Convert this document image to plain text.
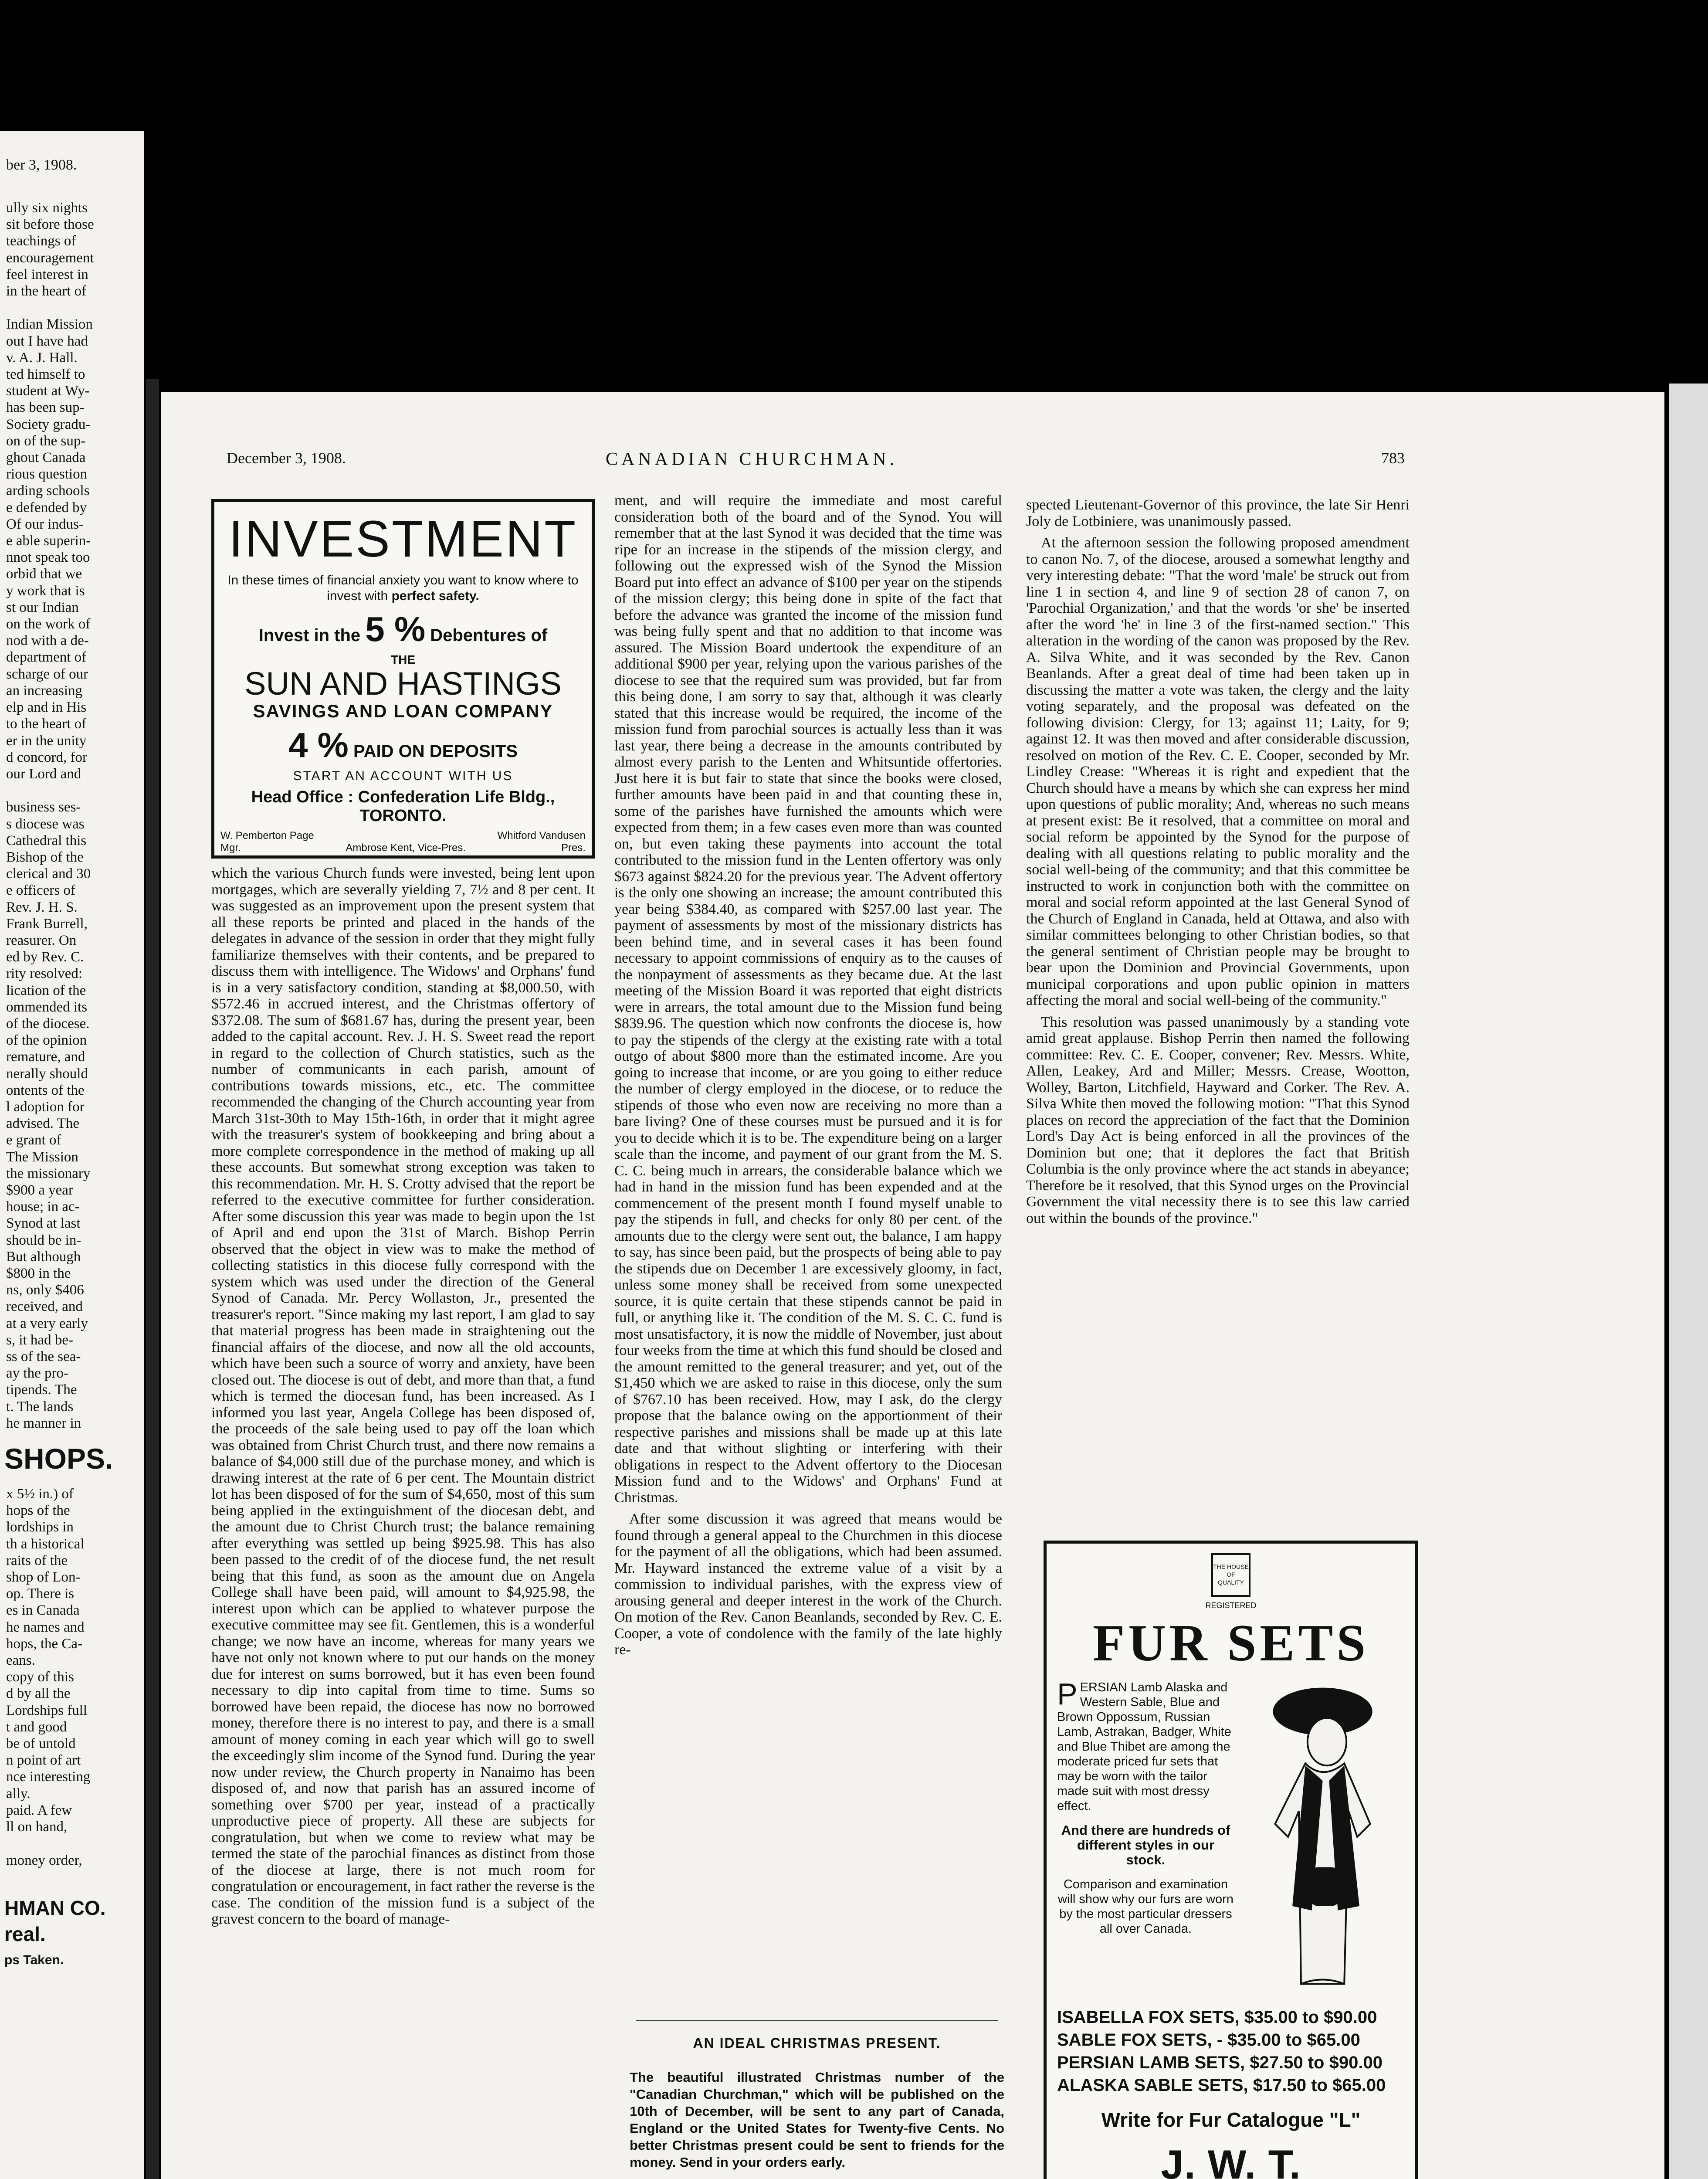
ber 3, 1908.
ully six nights
sit before those
teachings of
encouragement
feel interest in
in the heart of

Indian Mission
out I have had
v. A. J. Hall.
ted himself to
student at Wy-
has been sup-
Society gradu-
on of the sup-
ghout Canada
rious question
arding schools
e defended by
Of our indus-
e able superin-
nnot speak too
orbid that we
y work that is
st our Indian
on the work of
nod with a de-
department of
scharge of our
an increasing
elp and in His
to the heart of
er in the unity
d concord, for
our Lord and

business ses-
s diocese was
Cathedral this
Bishop of the
clerical and 30
e officers of
Rev. J. H. S.
Frank Burrell,
reasurer. On
ed by Rev. C.
rity resolved:
lication of the
ommended its
of the diocese.
of the opinion
remature, and
nerally should
ontents of the
l adoption for
advised. The
e grant of
The Mission
the missionary
$900 a year
house; in ac-
Synod at last
should be in-
But although
$800 in the
ns, only $406
received, and
at a very early
s, it had be-
ss of the sea-
ay the pro-
tipends. The
t. The lands
he manner in
SHOPS.
x 5½ in.) of
hops of the
lordships in
th a historical
raits of the
shop of Lon-
op. There is
es in Canada
he names and
hops, the Ca-
eans.
copy of this
d by all the
Lordships full
t and good
be of untold
n point of art
nce interesting
ally.
paid. A few
ll on hand,

money order,
HMAN CO.
real.
ps Taken.
December 3, 1908.	CANADIAN CHURCHMAN.	783
INVESTMENT
In these times of financial anxiety you want to know where to invest with perfect safety.
Invest in the 5 % Debentures of
THE
SUN AND HASTINGS
SAVINGS AND LOAN COMPANY
4 % PAID ON DEPOSITS
START AN ACCOUNT WITH US
Head Office : Confederation Life Bldg., TORONTO.
W. Pemberton Page
Mgr.	Ambrose Kent, Vice-Pres.
Whitford Vandusen
Pres.

which the various Church funds were invested, being lent upon mortgages, which are severally yielding 7, 7½ and 8 per cent. It was suggested as an improvement upon the present system that all these reports be printed and placed in the hands of the delegates in advance of the session in order that they might fully familiarize themselves with their contents, and be prepared to discuss them with intelligence. The Widows' and Orphans' fund is in a very satisfactory condition, standing at $8,000.50, with $572.46 in accrued interest, and the Christmas offertory of $372.08. The sum of $681.67 has, during the present year, been added to the capital account. Rev. J. H. S. Sweet read the report in regard to the collection of Church statistics, such as the number of communicants in each parish, amount of contributions towards missions, etc., etc. The committee recommended the changing of the Church accounting year from March 31st-30th to May 15th-16th, in order that it might agree with the treasurer's system of bookkeeping and bring about a more complete correspondence in the method of making up all these accounts. But somewhat strong exception was taken to this recommendation. Mr. H. S. Crotty advised that the report be referred to the executive committee for further consideration. After some discussion this year was made to begin upon the 1st of April and end upon the 31st of March. Bishop Perrin observed that the object in view was to make the method of collecting statistics in this diocese fully correspond with the system which was used under the direction of the General Synod of Canada. Mr. Percy Wollaston, Jr., presented the treasurer's report. "Since making my last report, I am glad to say that material progress has been made in straightening out the financial affairs of the diocese, and now all the old accounts, which have been such a source of worry and anxiety, have been closed out. The diocese is out of debt, and more than that, a fund which is termed the diocesan fund, has been increased. As I informed you last year, Angela College has been disposed of, the proceeds of the sale being used to pay off the loan which was obtained from Christ Church trust, and there now remains a balance of $4,000 still due of the purchase money, and which is drawing interest at the rate of 6 per cent. The Mountain district lot has been disposed of for the sum of $4,650, most of this sum being applied in the extinguishment of the diocesan debt, and the amount due to Christ Church trust; the balance remaining after everything was settled up being $925.98. This has also been passed to the credit of of the diocese fund, the net result being that this fund, as soon as the amount due on Angela College shall have been paid, will amount to $4,925.98, the interest upon which can be applied to whatever purpose the executive committee may see fit. Gentlemen, this is a wonderful change; we now have an income, whereas for many years we have not only not known where to put our hands on the money due for interest on sums borrowed, but it has even been found necessary to dip into capital from time to time. Sums so borrowed have been repaid, the diocese has now no borrowed money, therefore there is no interest to pay, and there is a small amount of money coming in each year which will go to swell the exceedingly slim income of the Synod fund. During the year now under review, the Church property in Nanaimo has been disposed of, and now that parish has an assured income of something over $700 per year, instead of a practically unproductive piece of property. All these are subjects for congratulation, but when we come to review what may be termed the state of the parochial finances as distinct from those of the diocese at large, there is not much room for congratulation or encouragement, in fact rather the reverse is the case. The condition of the mission fund is a subject of the gravest concern to the board of manage-

ment, and will require the immediate and most careful consideration both of the board and of the Synod. You will remember that at the last Synod it was decided that the time was ripe for an increase in the stipends of the mission clergy, and following out the expressed wish of the Synod the Mission Board put into effect an advance of $100 per year on the stipends of the mission clergy; this being done in spite of the fact that before the advance was granted the income of the mission fund was being fully spent and that no addition to that income was assured. The Mission Board undertook the expenditure of an additional $900 per year, relying upon the various parishes of the diocese to see that the required sum was provided, but far from this being done, I am sorry to say that, although it was clearly stated that this increase would be required, the income of the mission fund from parochial sources is actually less than it was last year, there being a decrease in the amounts contributed by almost every parish to the Lenten and Whitsuntide offertories. Just here it is but fair to state that since the books were closed, further amounts have been paid in and that counting these in, some of the parishes have furnished the amounts which were expected from them; in a few cases even more than was counted on, but even taking these payments into account the total contributed to the mission fund in the Lenten offertory was only $673 against $824.20 for the previous year. The Advent offertory is the only one showing an increase; the amount contributed this year being $384.40, as compared with $257.00 last year. The payment of assessments by most of the missionary districts has been behind time, and in several cases it has been found necessary to appoint commissions of enquiry as to the causes of the nonpayment of assessments as they became due. At the last meeting of the Mission Board it was reported that eight districts were in arrears, the total amount due to the Mission fund being $839.96. The question which now confronts the diocese is, how to pay the stipends of the clergy at the existing rate with a total outgo of about $800 more than the estimated income. Are you going to increase that income, or are you going to either reduce the number of clergy employed in the diocese, or to reduce the stipends of those who even now are receiving no more than a bare living? One of these courses must be pursued and it is for you to decide which it is to be. The expenditure being on a larger scale than the income, and payment of our grant from the M. S. C. C. being much in arrears, the considerable balance which we had in hand in the mission fund has been expended and at the commencement of the present month I found myself unable to pay the stipends in full, and checks for only 80 per cent. of the amounts due to the clergy were sent out, the balance, I am happy to say, has since been paid, but the prospects of being able to pay the stipends due on December 1 are excessively gloomy, in fact, unless some money shall be received from some unexpected source, it is quite certain that these stipends cannot be paid in full, or anything like it. The condition of the M. S. C. C. fund is most unsatisfactory, it is now the middle of November, just about four weeks from the time at which this fund should be closed and the amount remitted to the general treasurer; and yet, out of the $1,450 which we are asked to raise in this diocese, only the sum of $767.10 has been received. How, may I ask, do the clergy propose that the balance owing on the apportionment of their respective parishes and missions shall be made up at this late date and that without slighting or interfering with their obligations in respect to the Advent offertory to the Diocesan Mission fund and to the Widows' and Orphans' Fund at Christmas.

After some discussion it was agreed that means would be found through a general appeal to the Churchmen in this diocese for the payment of all the obligations, which had been assumed. Mr. Hayward instanced the extreme value of a visit by a commission to individual parishes, with the express view of arousing general and deeper interest in the work of the Church. On motion of the Rev. Canon Beanlands, seconded by Rev. C. E. Cooper, a vote of condolence with the family of the late highly re-

AN IDEAL CHRISTMAS PRESENT.
The beautiful illustrated Christmas number of the "Canadian Churchman," which will be published on the 10th of December, will be sent to any part of Canada, England or the United States for Twenty-five Cents. No better Christmas present could be sent to friends for the money. Send in your orders early.

spected Lieutenant-Governor of this province, the late Sir Henri Joly de Lotbiniere, was unanimously passed.

At the afternoon session the following proposed amendment to canon No. 7, of the diocese, aroused a somewhat lengthy and very interesting debate: "That the word 'male' be struck out from line 1 in section 4, and line 9 of section 28 of canon 7, on 'Parochial Organization,' and that the words 'or she' be inserted after the word 'he' in line 3 of the first-named section." This alteration in the wording of the canon was proposed by the Rev. A. Silva White, and it was seconded by the Rev. Canon Beanlands. After a great deal of time had been taken up in discussing the matter a vote was taken, the clergy and the laity voting separately, and the proposal was defeated on the following division: Clergy, for 13; against 11; Laity, for 9; against 12. It was then moved and after considerable discussion, resolved on motion of the Rev. C. E. Cooper, seconded by Mr. Lindley Crease: "Whereas it is right and expedient that the Church should have a means by which she can express her mind upon questions of public morality; And, whereas no such means at present exist: Be it resolved, that a committee on moral and social reform be appointed by the Synod for the purpose of dealing with all questions relating to public morality and the social well-being of the community; and that this committee be instructed to work in conjunction both with the committee on moral and social reform appointed at the last General Synod of the Church of England in Canada, held at Ottawa, and also with similar committees belonging to other Christian bodies, so that the general sentiment of Christian people may be brought to bear upon the Dominion and Provincial Governments, upon municipal corporations and upon public opinion in matters affecting the moral and social well-being of the community."

This resolution was passed unanimously by a standing vote amid great applause. Bishop Perrin then named the following committee: Rev. C. E. Cooper, convener; Rev. Messrs. White, Allen, Leakey, Ard and Miller; Messrs. Crease, Wootton, Wolley, Barton, Litchfield, Hayward and Corker. The Rev. A. Silva White then moved the following motion: "That this Synod places on record the appreciation of the fact that the Dominion Lord's Day Act is being enforced in all the provinces of the Dominion but one; that it deplores the fact that British Columbia is the only province where the act stands in abeyance; Therefore be it resolved, that this Synod urges on the Provincial Government the vital necessity there is to see this law carried out within the bounds of the province."

THE HOUSE OF QUALITY
REGISTERED
FUR SETS
P ERSIAN Lamb Alaska and Western Sable, Blue and Brown Oppossum, Russian Lamb, Astrakan, Badger, White and Blue Thibet are among the moderate priced fur sets that may be worn with the tailor made suit with most dressy effect.
And there are hundreds of different styles in our stock.
Comparison and examination will show why our furs are worn by the most particular dressers all over Canada.
ISABELLA FOX SETS, $35.00 to $90.00
SABLE FOX SETS, - $35.00 to $65.00
PERSIAN LAMB SETS, $27.50 to $90.00
ALASKA SABLE SETS, $17.50 to $65.00
Write for Fur Catalogue "L"
J. W. T.
